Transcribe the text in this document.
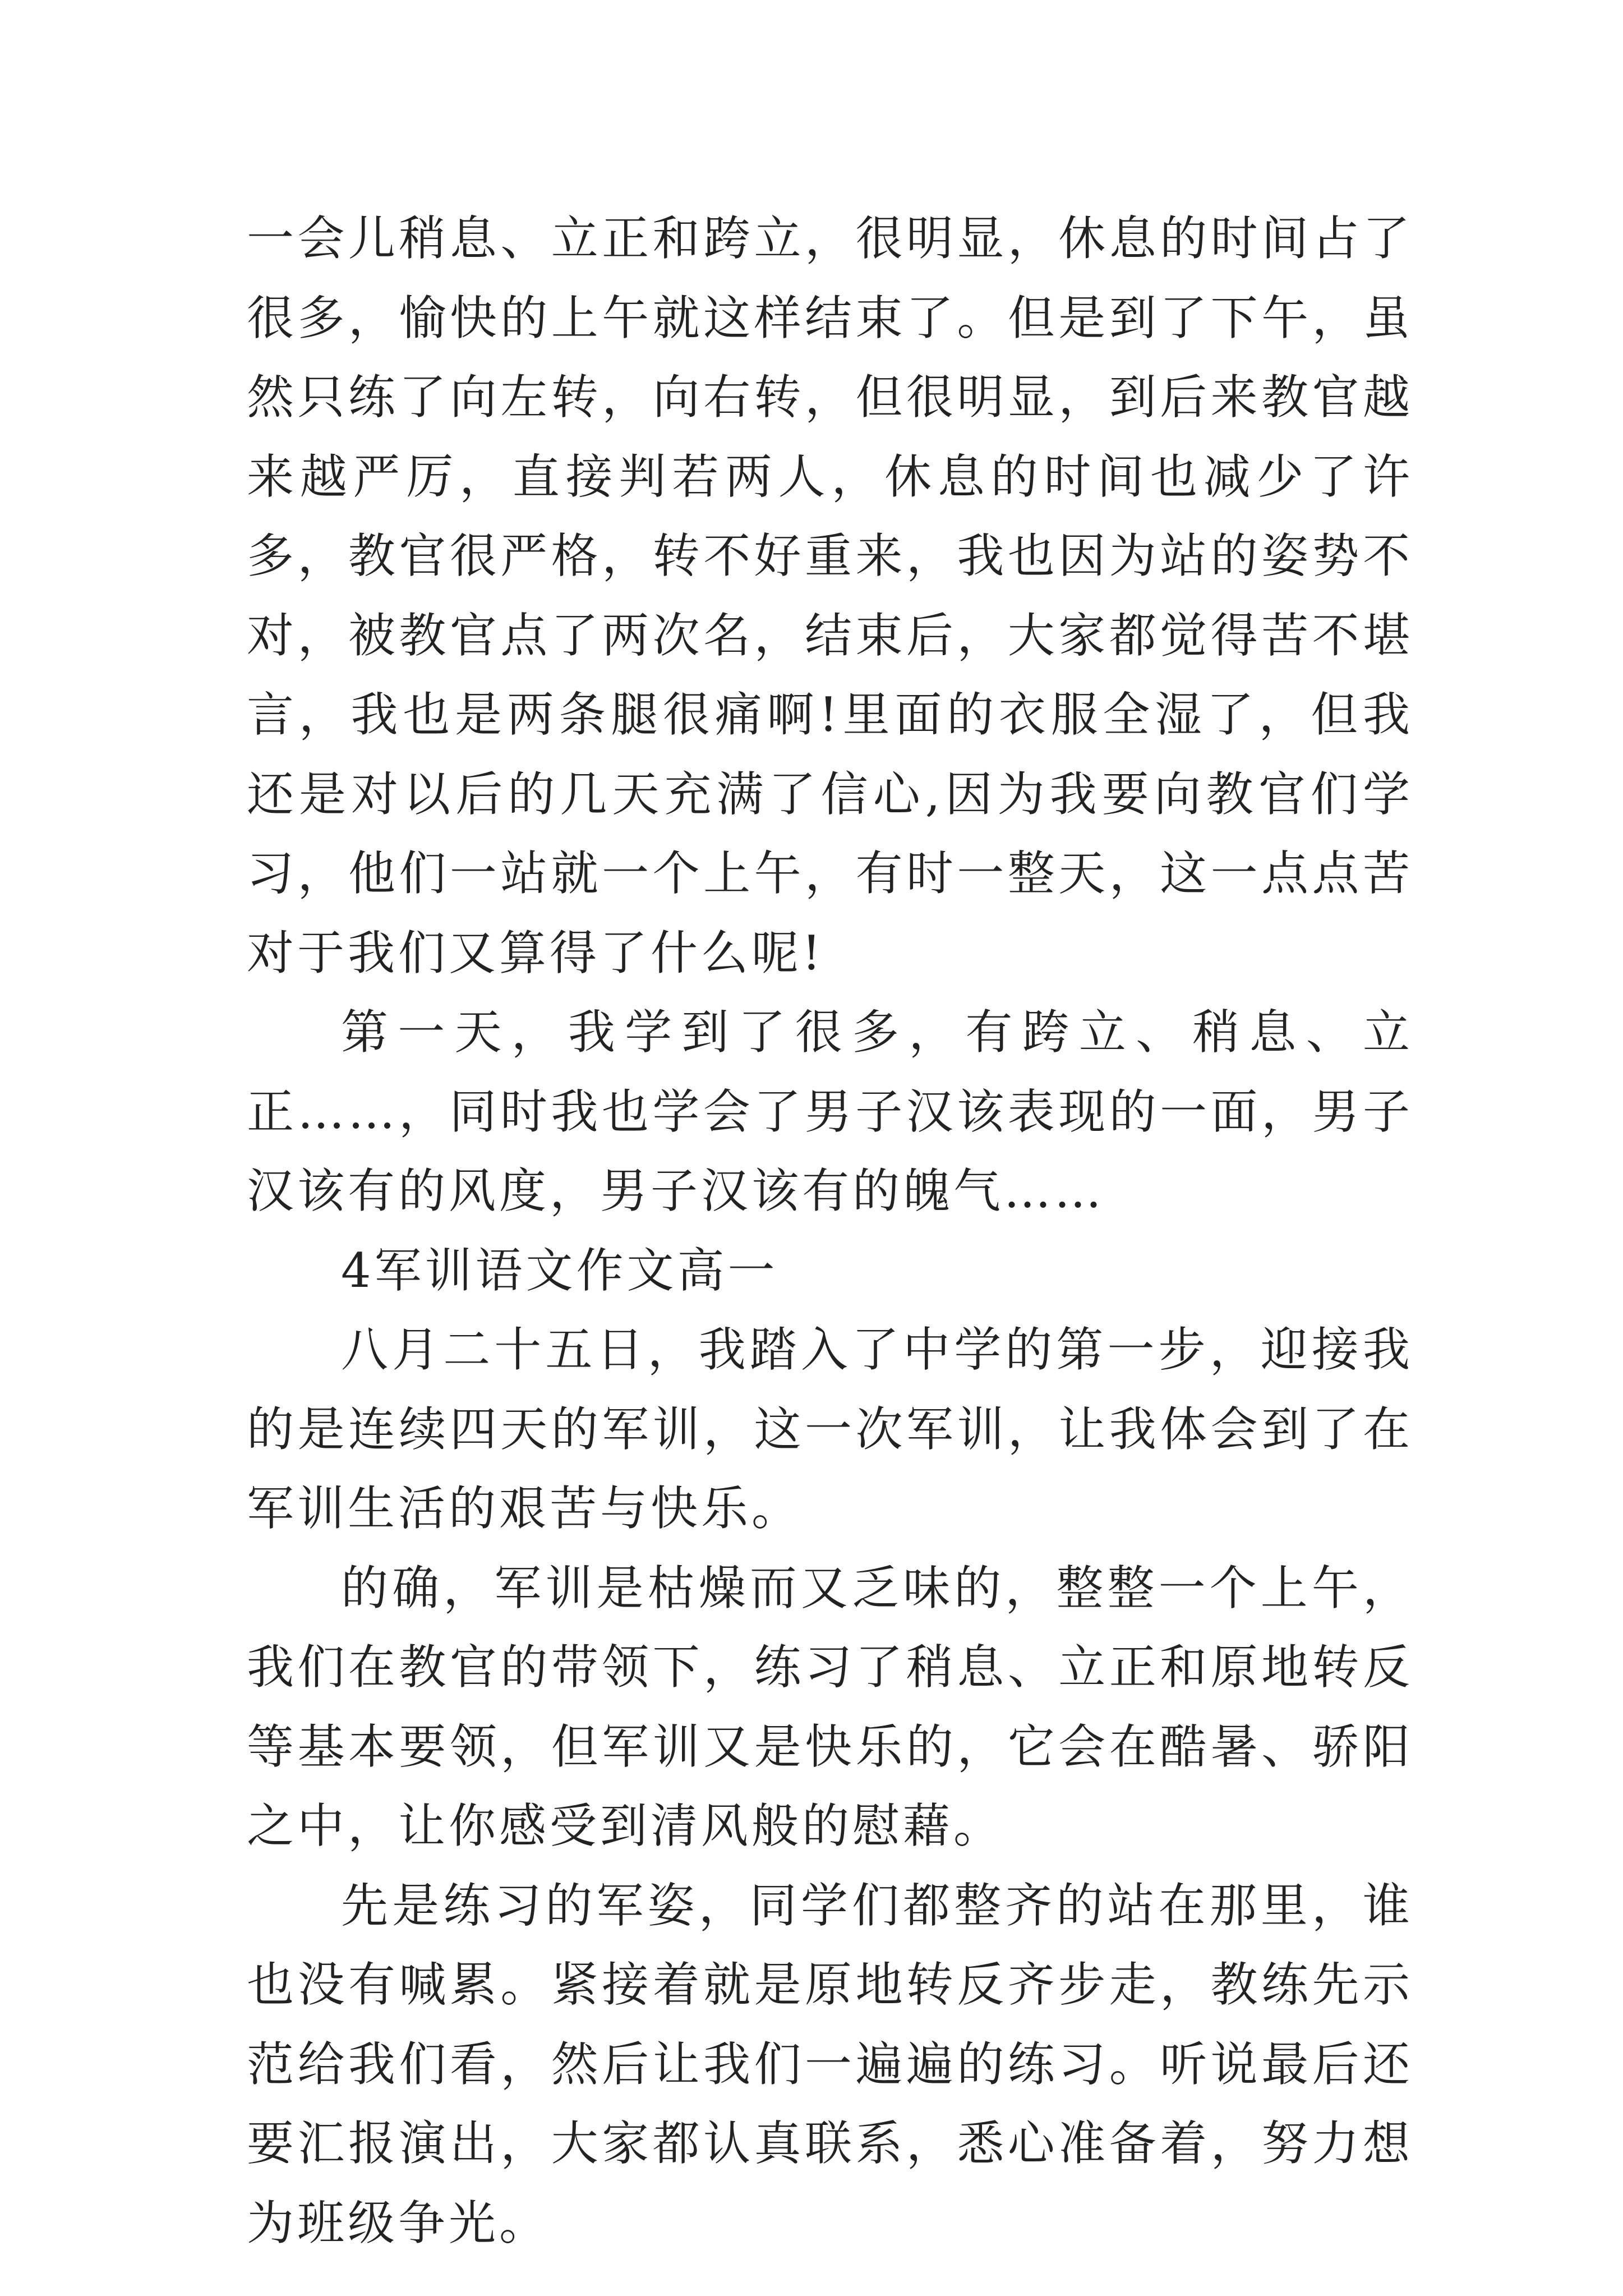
一会儿稍息、立正和跨立，很明显，休息的时间占了很多，愉快的上午就这样结束了。但是到了下午，虽然只练了向左转，向右转，但很明显，到后来教官越来越严厉，直接判若两人，休息的时间也减少了许多，教官很严格，转不好重来，我也因为站的姿势不对，被教官点了两次名，结束后，大家都觉得苦不堪言，我也是两条腿很痛啊!里面的衣服全湿了，但我还是对以后的几天充满了信心,因为我要向教官们学习，他们一站就一个上午，有时一整天，这一点点苦对于我们又算得了什么呢!

第一天，我学到了很多，有跨立、稍息、立正……，同时我也学会了男子汉该表现的一面，男子汉该有的风度，男子汉该有的魄气……

4军训语文作文高一

八月二十五日，我踏入了中学的第一步，迎接我的是连续四天的军训，这一次军训，让我体会到了在军训生活的艰苦与快乐。

的确，军训是枯燥而又乏味的，整整一个上午，我们在教官的带领下，练习了稍息、立正和原地转反等基本要领，但军训又是快乐的，它会在酷暑、骄阳之中，让你感受到清风般的慰藉。

先是练习的军姿，同学们都整齐的站在那里，谁也没有喊累。紧接着就是原地转反齐步走，教练先示范给我们看，然后让我们一遍遍的练习。听说最后还要汇报演出，大家都认真联系，悉心准备着，努力想为班级争光。
